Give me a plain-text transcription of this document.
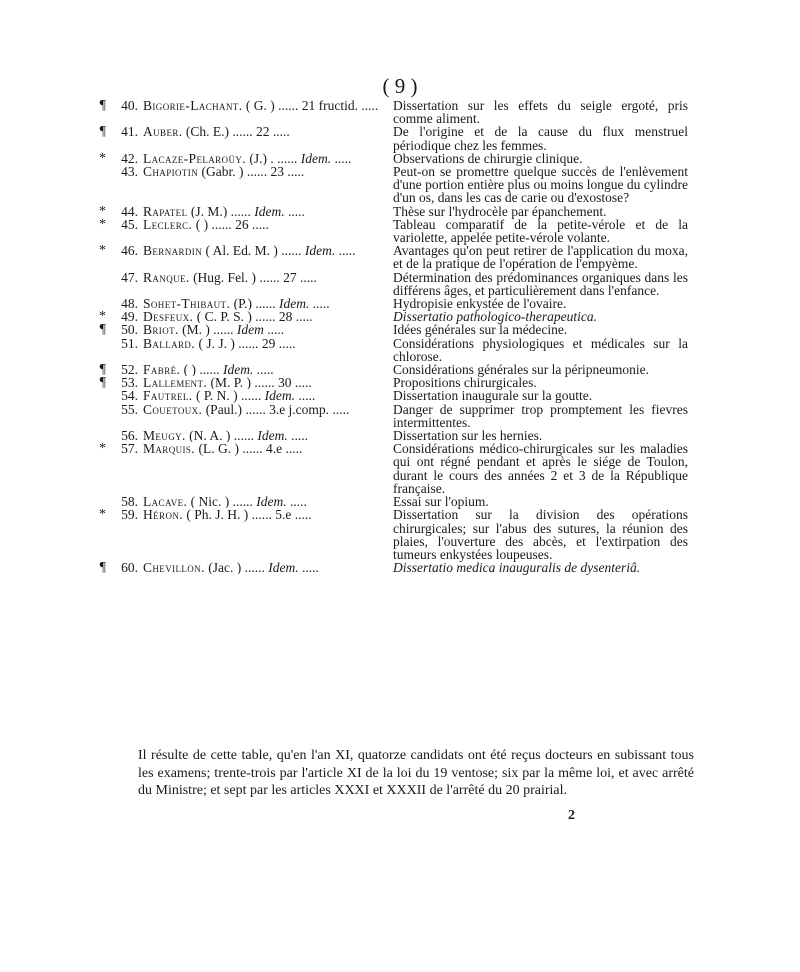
( 9 )
¶ 40. Bigorie-Lachant. ( G. ) ...... 21 fructid. .....	Dissertation sur les effets du seigle ergoté, pris comme aliment.
¶ 41. Auber. (Ch. E.) ...... 22 .....	De l'origine et de la cause du flux menstruel périodique chez les femmes.
* 42. Lacaze-Pelaroüy. (J.) . ...... Idem. .....	Observations de chirurgie clinique.
43. Chapiotin (Gabr. ) ...... 23 .....	Peut-on se promettre quelque succès de l'enlèvement d'une portion entière plus ou moins longue du cylindre d'un os, dans les cas de carie ou d'exostose?
* 44. Rapatel (J. M.) ...... Idem. .....	Thèse sur l'hydrocèle par épanchement.
* 45. Leclerc. ( ) ...... 26 .....	Tableau comparatif de la petite-vérole et de la variolette, appelée petite-vérole volante.
* 46. Bernardin ( Al. Ed. M. ) ...... Idem. .....	Avantages qu'on peut retirer de l'application du moxa, et de la pratique de l'opération de l'empyème.
47. Ranque. (Hug. Fel. ) ...... 27 .....	Détermination des prédominances organiques dans les différens âges, et particulièrement dans l'enfance.
48. Sohet-Thibaut. (P.) ...... Idem. .....	Hydropisie enkystée de l'ovaire.
* 49. Desfeux. ( C. P. S. ) ...... 28 .....	Dissertatio pathologico-therapeutica.
¶ 50. Briot. (M. ) ...... Idem .....	Idées générales sur la médecine.
51. Ballard. ( J. J. ) ...... 29 .....	Considérations physiologiques et médicales sur la chlorose.
¶ 52. Fabré. ( ) ...... Idem. .....	Considérations générales sur la péripneumonie.
¶ 53. Lallement. (M. P. ) ...... 30 .....	Propositions chirurgicales.
54. Fautrel. ( P. N. ) ...... Idem. .....	Dissertation inaugurale sur la goutte.
55. Couetoux. (Paul.) ...... 3.e j.comp. .....	Danger de supprimer trop promptement les fievres intermittentes.
56. Meugy. (N. A. ) ...... Idem. .....	Dissertation sur les hernies.
* 57. Marquis. (L. G. ) ...... 4.e .....	Considérations médico-chirurgicales sur les maladies qui ont régné pendant et après le siége de Toulon, durant le cours des années 2 et 3 de la République française.
58. Lacave. ( Nic. ) ...... Idem. .....	Essai sur l'opium.
* 59. Héron. ( Ph. J. H. ) ...... 5.e .....	Dissertation sur la division des opérations chirurgicales; sur l'abus des sutures, la réunion des plaies, l'ouverture des abcès, et l'extirpation des tumeurs enkystées loupeuses.
¶ 60. Chevillon. (Jac. ) ...... Idem. .....	Dissertatio medica inauguralis de dysenteriâ.
Il résulte de cette table, qu'en l'an XI, quatorze candidats ont été reçus docteurs en subissant tous les examens; trente-trois par l'article XI de la loi du 19 ventose; six par la même loi, et avec arrêté du Ministre; et sept par les articles XXXI et XXXII de l'arrêté du 20 prairial.
2
